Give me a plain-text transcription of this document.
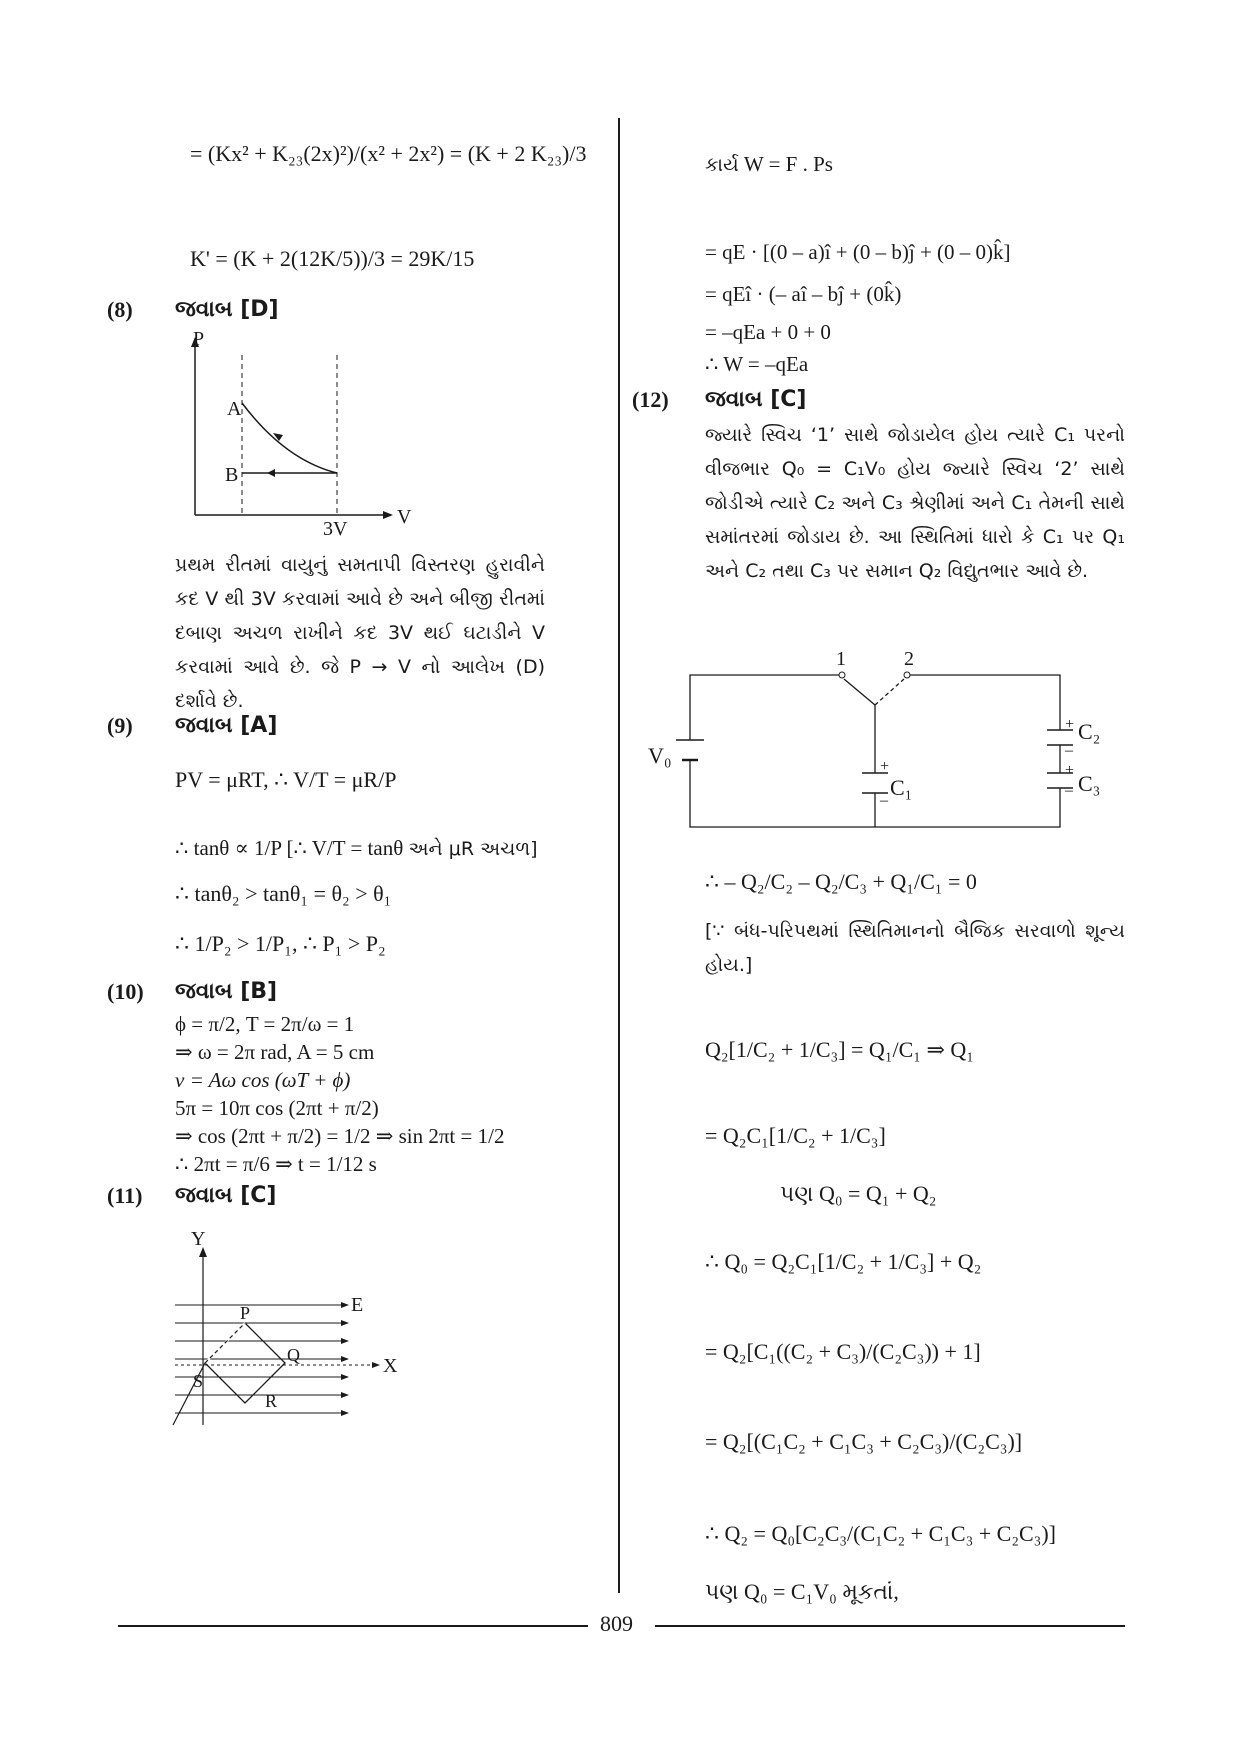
= (Kx² + K₂₃(2x)²)/(x² + 2x²) = (K + 2 K₂₃)/3
K' = (K + 2(12K/5))/3 = 29K/15
(8) જવાબ [D]
P
A
B
3V
V
પ્રથમ રીતમાં વાયુનું સમતાપી વિસ્તરણ હુરાવીને કદ V થી 3V કરવામાં આવે છે અને બીજી રીતમાં દબાણ અચળ રાખીને કદ 3V થઈ ઘટાડીને V કરવામાં આવે છે. જે P → V નો આલેખ (D) દર્શાવે છે.
(9) જવાબ [A]
PV = μRT, ∴ V/T = μR/P
∴ tanθ ∝ 1/P [∴ V/T = tanθ અને μR અચળ]
∴ tanθ₂ > tanθ₁ = θ₂ > θ₁
∴ 1/P₂ > 1/P₁, ∴ P₁ > P₂
(10) જવાબ [B]
ϕ = π/2, T = 2π/ω = 1
⇒ ω = 2π rad, A = 5 cm
v = Aω cos (ωT + ϕ)
5π = 10π cos (2πt + π/2)
⇒ cos (2πt + π/2) = 1/2 ⇒ sin 2πt = 1/2
∴ 2πt = π/6 ⇒ t = 1/12 s
(11) જવાબ [C]
Y
E
P
Q	X
S
R
કાર્ય W = F . Ps
= qE · [(0 – a)î + (0 – b)ĵ + (0 – 0)k̂]
= qEî · (– aî – bĵ + (0k̂)
= –qEa + 0 + 0
∴ W = –qEa
(12) જવાબ [C]
જ્યારે સ્વિચ ‘1’ સાથે જોડાયેલ હોય ત્યારે C₁ પરનો વીજભાર Q₀ = C₁V₀ હોય જ્યારે સ્વિચ ‘2’ સાથે જોડીએ ત્યારે C₂ અને C₃ શ્રેણીમાં અને C₁ તેમની સાથે સમાંતરમાં જોડાય છે. આ સ્થિતિમાં ધારો કે C₁ પર Q₁ અને C₂ તથા C₃ પર સમાન Q₂ વિદ્યુતભાર આવે છે.
1	2
V₀	+
–
C₁
+
–
C₂
+
– C₃
∴ – Q₂/C₂ – Q₂/C₃ + Q₁/C₁ = 0
[∵ બંધ-પરિપથમાં સ્થિતિમાનનો બૈજિક સરવાળો શૂન્ય હોય.]
Q₂[1/C₂ + 1/C₃] = Q₁/C₁ ⇒ Q₁
= Q₂C₁[1/C₂ + 1/C₃]
પણ Q₀ = Q₁ + Q₂
∴ Q₀ = Q₂C₁[1/C₂ + 1/C₃] + Q₂
= Q₂[C₁((C₂ + C₃)/(C₂C₃)) + 1]
= Q₂[(C₁C₂ + C₁C₃ + C₂C₃)/(C₂C₃)]
∴ Q₂ = Q₀[C₂C₃/(C₁C₂ + C₁C₃ + C₂C₃)]
પણ Q₀ = C₁V₀ મૂકતાં,
809
